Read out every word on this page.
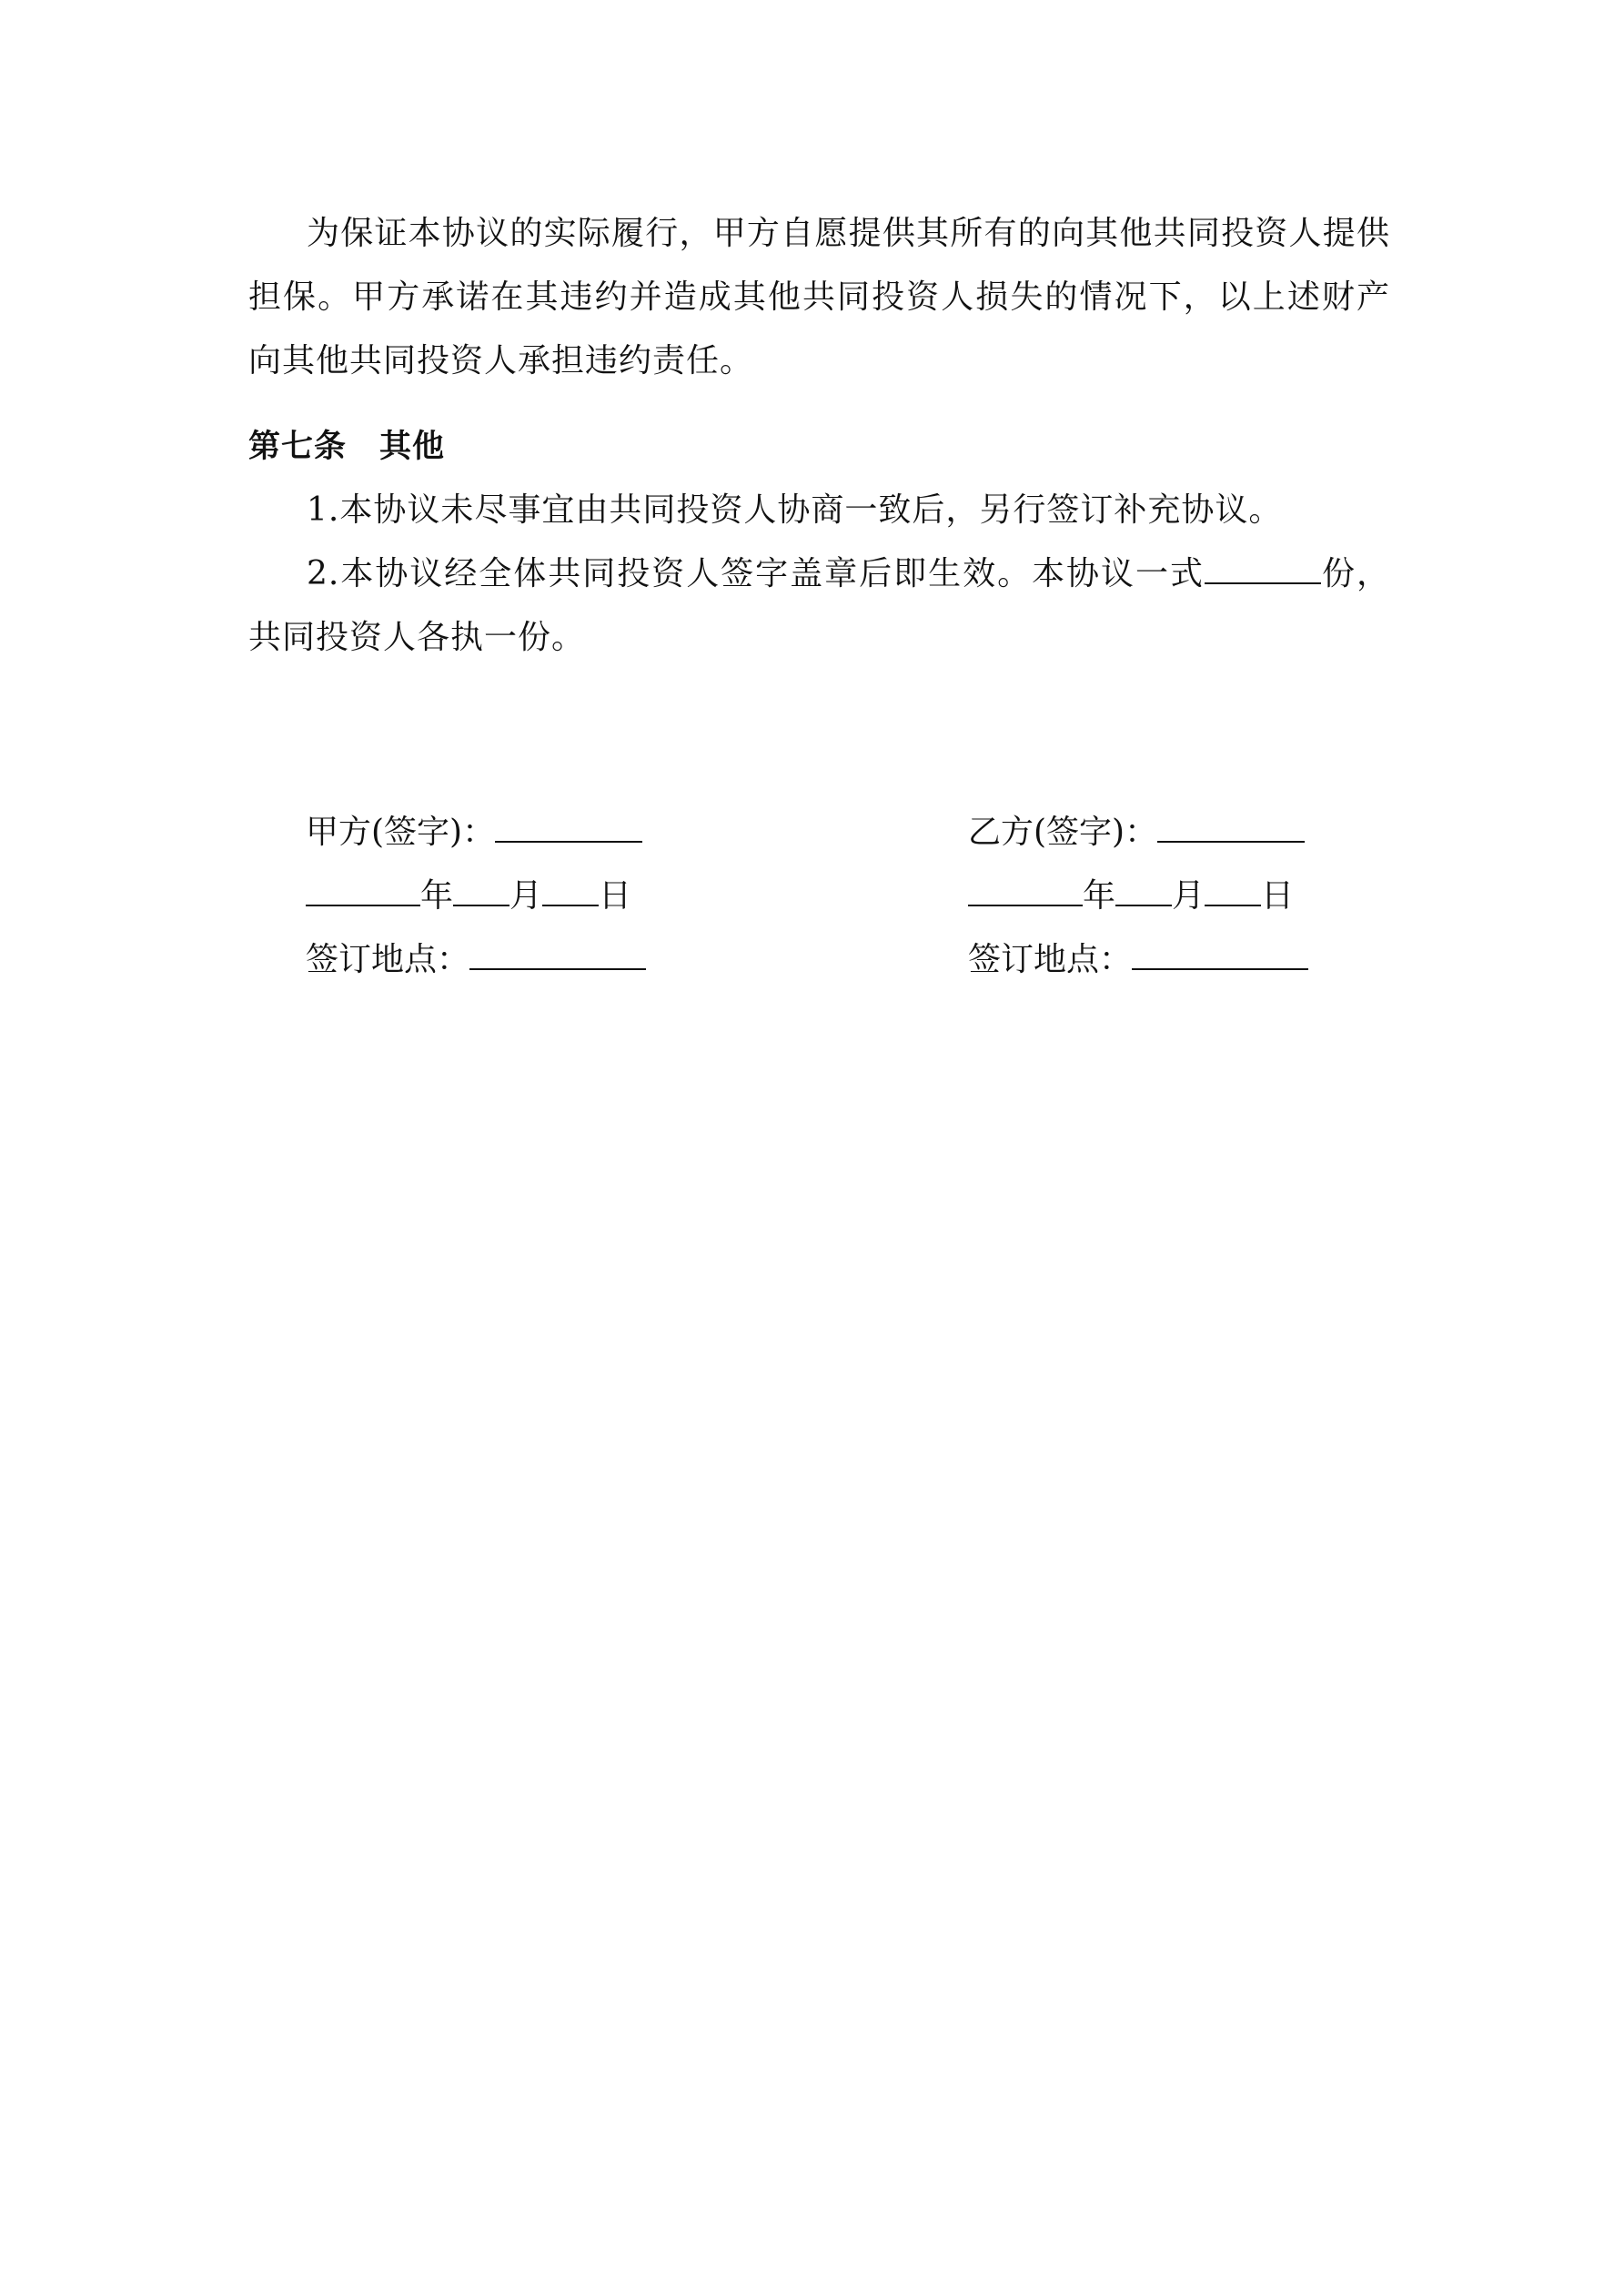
为保证本协议的实际履行，甲方自愿提供其所有的向其他共同投资人提供担保。甲方承诺在其违约并造成其他共同投资人损失的情况下，以上述财产向其他共同投资人承担违约责任。

第七条 其他

1.本协议未尽事宜由共同投资人协商一致后，另行签订补充协议。

2.本协议经全体共同投资人签字盖章后即生效。本协议一式	份，共同投资人各执一份。

甲方(签字)：
年 月 日
签订地点：
乙方(签字)：
年 月 日
签订地点：
